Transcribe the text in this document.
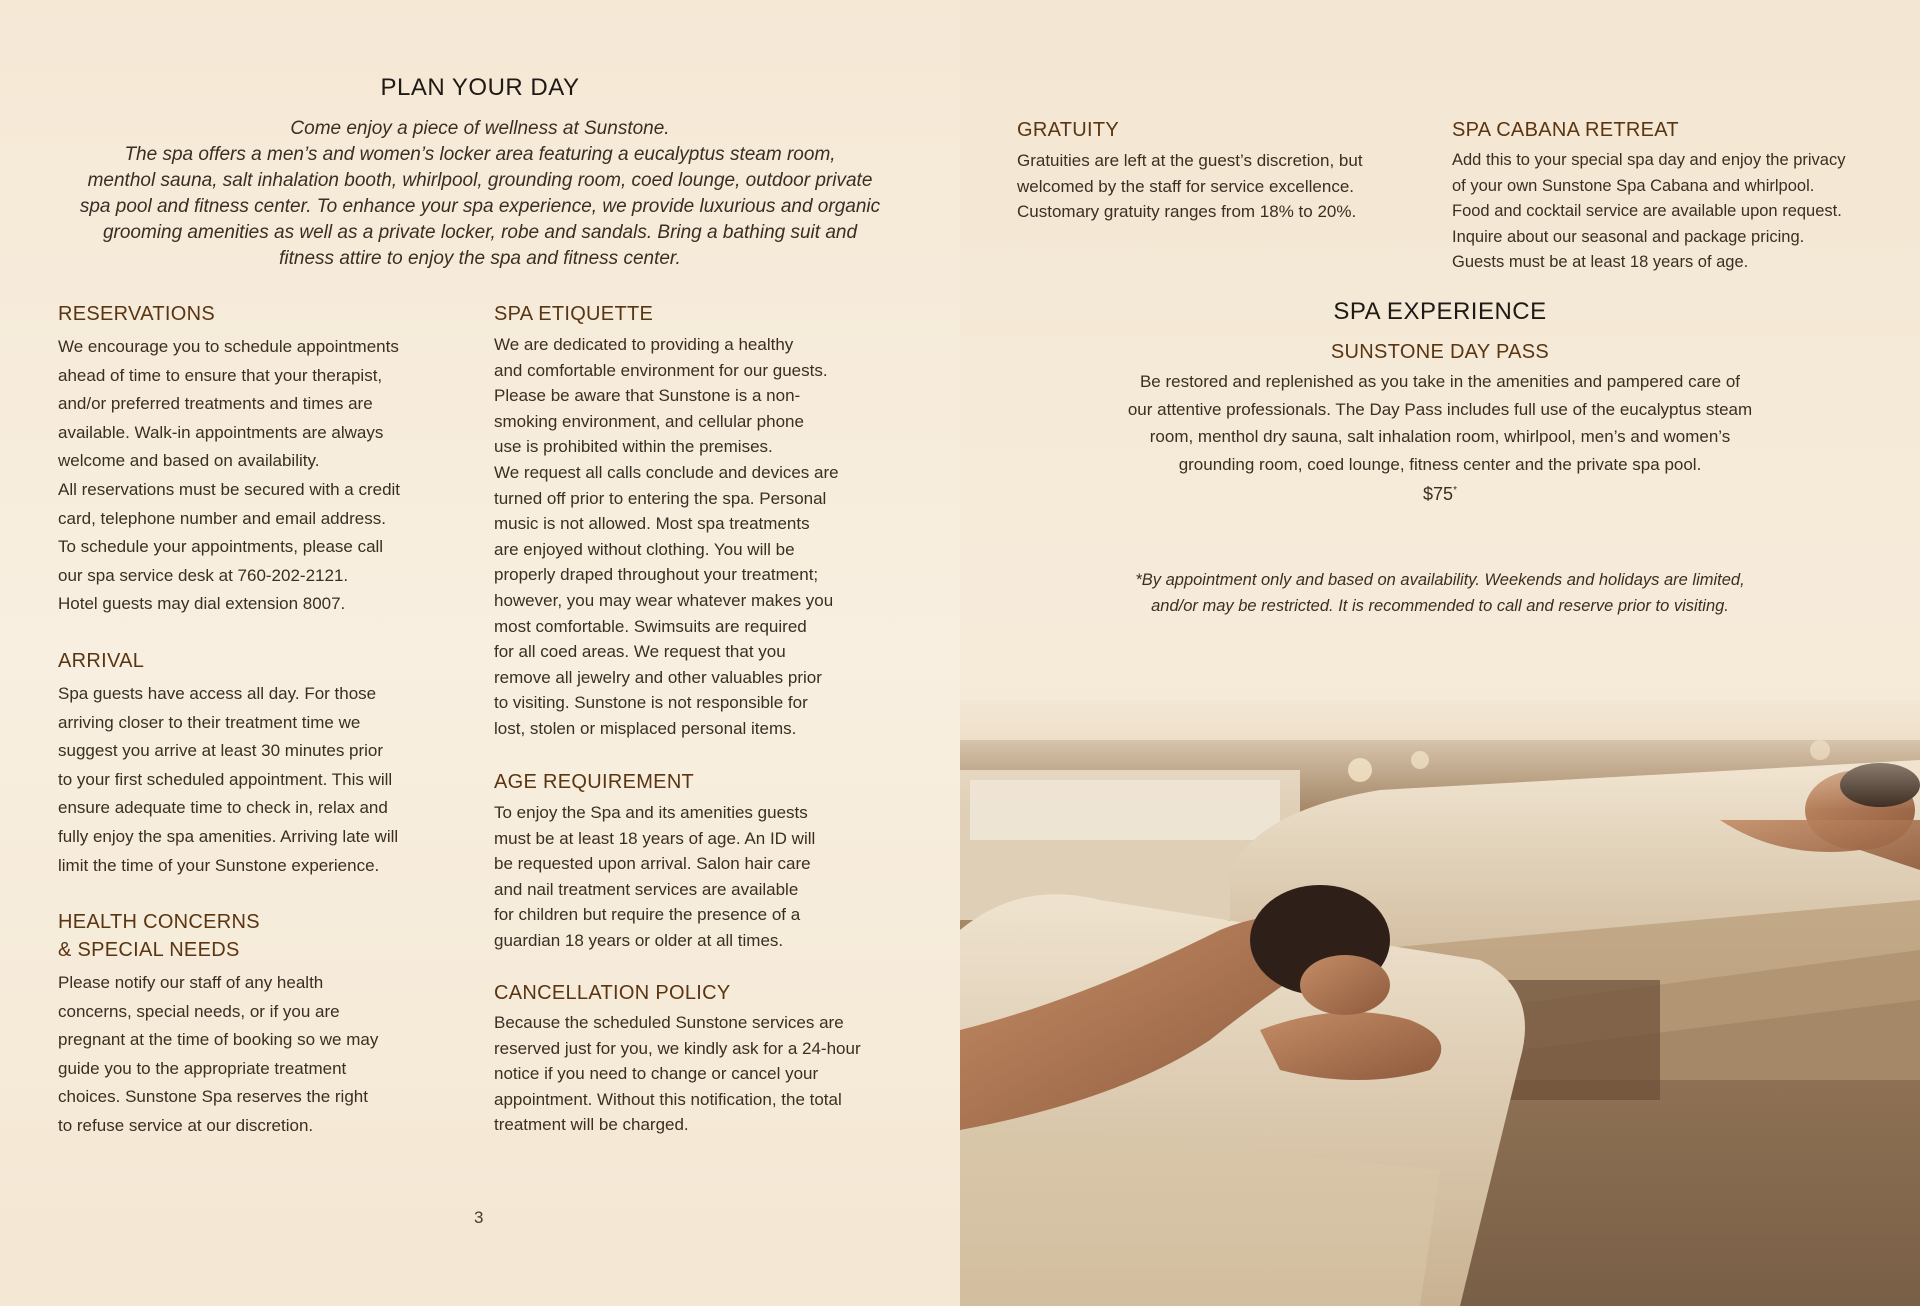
PLAN YOUR DAY
Come enjoy a piece of wellness at Sunstone.
The spa offers a men’s and women’s locker area featuring a eucalyptus steam room,
menthol sauna, salt inhalation booth, whirlpool, grounding room, coed lounge, outdoor private
spa pool and fitness center. To enhance your spa experience, we provide luxurious and organic
grooming amenities as well as a private locker, robe and sandals. Bring a bathing suit and
fitness attire to enjoy the spa and fitness center.
RESERVATIONS
We encourage you to schedule appointments
ahead of time to ensure that your therapist,
and/or preferred treatments and times are
available. Walk-in appointments are always
welcome and based on availability.
All reservations must be secured with a credit
card, telephone number and email address.
To schedule your appointments, please call
our spa service desk at 760-202-2121.
Hotel guests may dial extension 8007.
ARRIVAL
Spa guests have access all day. For those
arriving closer to their treatment time we
suggest you arrive at least 30 minutes prior
to your first scheduled appointment. This will
ensure adequate time to check in, relax and
fully enjoy the spa amenities. Arriving late will
limit the time of your Sunstone experience.
HEALTH CONCERNS
& SPECIAL NEEDS
Please notify our staff of any health
concerns, special needs, or if you are
pregnant at the time of booking so we may
guide you to the appropriate treatment
choices. Sunstone Spa reserves the right
to refuse service at our discretion.
SPA ETIQUETTE
We are dedicated to providing a healthy
and comfortable environment for our guests.
Please be aware that Sunstone is a non-
smoking environment, and cellular phone
use is prohibited within the premises.
We request all calls conclude and devices are
turned off prior to entering the spa. Personal
music is not allowed. Most spa treatments
are enjoyed without clothing. You will be
properly draped throughout your treatment;
however, you may wear whatever makes you
most comfortable. Swimsuits are required
for all coed areas. We request that you
remove all jewelry and other valuables prior
to visiting. Sunstone is not responsible for
lost, stolen or misplaced personal items.
AGE REQUIREMENT
To enjoy the Spa and its amenities guests
must be at least 18 years of age. An ID will
be requested upon arrival. Salon hair care
and nail treatment services are available
for children but require the presence of a
guardian 18 years or older at all times.
CANCELLATION POLICY
Because the scheduled Sunstone services are
reserved just for you, we kindly ask for a 24-hour
notice if you need to change or cancel your
appointment. Without this notification, the total
treatment will be charged.
3
GRATUITY
Gratuities are left at the guest’s discretion, but
welcomed by the staff for service excellence.
Customary gratuity ranges from 18% to 20%.
SPA CABANA RETREAT
Add this to your special spa day and enjoy the privacy
of your own Sunstone Spa Cabana and whirlpool.
Food and cocktail service are available upon request.
Inquire about our seasonal and package pricing.
Guests must be at least 18 years of age.
SPA EXPERIENCE
SUNSTONE DAY PASS
Be restored and replenished as you take in the amenities and pampered care of
our attentive professionals. The Day Pass includes full use of the eucalyptus steam
room, menthol dry sauna, salt inhalation room, whirlpool, men’s and women’s
grounding room, coed lounge, fitness center and the private spa pool.
$75*
*By appointment only and based on availability. Weekends and holidays are limited,
and/or may be restricted. It is recommended to call and reserve prior to visiting.
